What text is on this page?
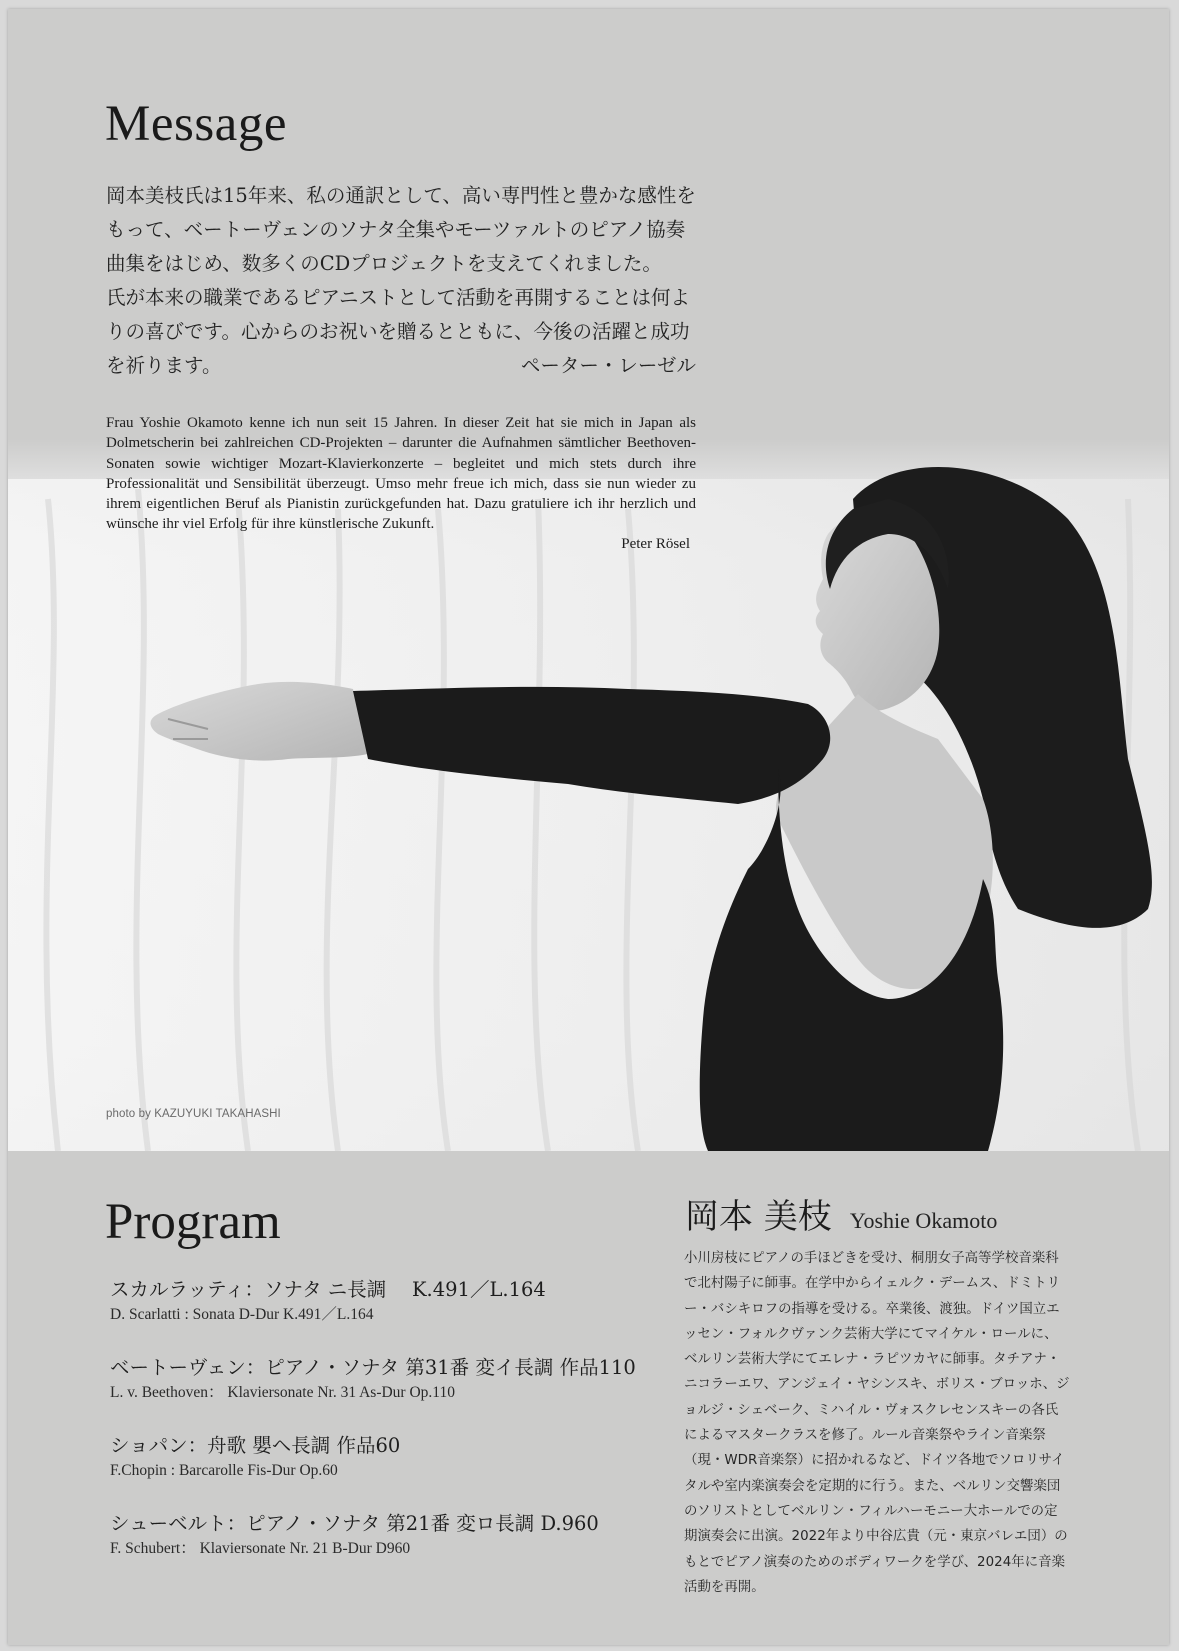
photo by KAZUYUKI TAKAHASHI
Message
岡本美枝氏は15年来、私の通訳として、高い専門性と豊かな感性をもって、ベートーヴェンのソナタ全集やモーツァルトのピアノ協奏曲集をはじめ、数多くのCDプロジェクトを支えてくれました。
氏が本来の職業であるピアニストとして活動を再開することは何よりの喜びです。心からのお祝いを贈るとともに、今後の活躍と成功を祈ります。	ペーター・レーゼル

Frau Yoshie Okamoto kenne ich nun seit 15 Jahren. In dieser Zeit hat sie mich in Japan als Dolmetscherin bei zahlreichen CD-Projekten – darunter die Aufnahmen sämtlicher Beethoven-Sonaten sowie wichtiger Mozart-Klavierkonzerte – begleitet und mich stets durch ihre Professionalität und Sensibilität überzeugt. Umso mehr freue ich mich, dass sie nun wieder zu ihrem eigentlichen Beruf als Pianistin zurückgefunden hat. Dazu gratuliere ich ihr herzlich und wünsche ihr viel Erfolg für ihre künstlerische Zukunft.

Peter Rösel
Program
スカルラッティ：ソナタ ニ長調　 K.491／L.164
D. Scarlatti : Sonata D-Dur K.491／L.164
ベートーヴェン：ピアノ・ソナタ 第31番 変イ長調 作品110
L. v. Beethoven： Klaviersonate Nr. 31 As-Dur Op.110
ショパン：舟歌 嬰ヘ長調 作品60
F.Chopin : Barcarolle Fis-Dur Op.60
シューベルト：ピアノ・ソナタ 第21番 変ロ長調 D.960
F. Schubert： Klaviersonate Nr. 21 B-Dur D960
岡本 美枝 Yoshie Okamoto

小川房枝にピアノの手ほどきを受け、桐朋女子高等学校音楽科で北村陽子に師事。在学中からイェルク・デームス、ドミトリー・バシキロフの指導を受ける。卒業後、渡独。ドイツ国立エッセン・フォルクヴァンク芸術大学にてマイケル・ロールに、ベルリン芸術大学にてエレナ・ラピツカヤに師事。タチアナ・ニコラーエワ、アンジェイ・ヤシンスキ、ボリス・ブロッホ、ジョルジ・シェベーク、ミハイル・ヴォスクレセンスキーの各氏によるマスタークラスを修了。ルール音楽祭やライン音楽祭（現・WDR音楽祭）に招かれるなど、ドイツ各地でソロリサイタルや室内楽演奏会を定期的に行う。また、ベルリン交響楽団のソリストとしてベルリン・フィルハーモニー大ホールでの定期演奏会に出演。2022年より中谷広貴（元・東京バレエ団）のもとでピアノ演奏のためのボディワークを学び、2024年に音楽活動を再開。
